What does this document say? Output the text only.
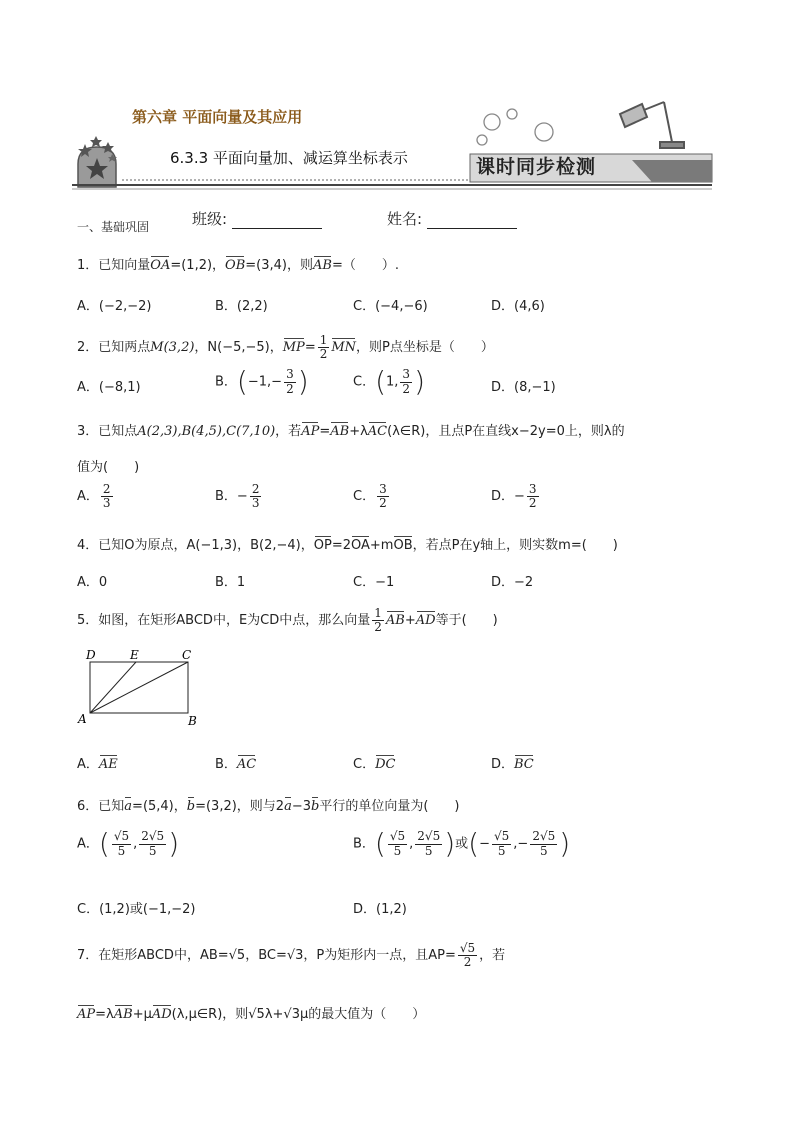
第六章 平面向量及其应用
6.3.3 平面向量加、减运算坐标表示	课时同步检测
一、基础巩固	班级:	姓名:
1．已知向量OA=(1,2)，OB=(3,4)，则AB=（　　）.
A．(−2,−2)	B．(2,2)	C．(−4,−6)	D．(4,6)
2．已知两点M(3,2)，N(−5,−5)，$MP= \frac{1}{2}$ MN，则P点坐标是（　　）
A．(−8,1)	B．($-1,- \frac{3}{2}$ )	C．(1, $\frac{3}{2}$ )	D．(8,−1)
3．已知点A(2,3),B(4,5),C(7,10)，若AP=AB+λAC(λ∈R)，且点P在直线x−2y=0上，则λ的
值为(　　)
A． $\frac{2}{3}$	B．− $\frac{2}{3}$	C． $\frac{3}{2}$	D．− $\frac{3}{2}$
4．已知O为原点，A(−1,3)，B(2,−4)，OP=2OA+mOB，若点P在y轴上，则实数m=(　　)
A．0	B．1	C．−1	D．−2
5．如图，在矩形ABCD中，E为CD中点，那么向量 $\frac{1}{2} AB+AD$等于(　　)
D	E	C
A	B
A．AE	B．AC	C．DC	D．BC
6．已知a=(5,4)，b=(3,2)，则与2a−3b平行的单位向量为(　　)
A．( $\frac{√5}{5}$ , $\frac{2√5}{5}$ )	B．( $\frac{√5}{5}$ , $\frac{2√5}{5}$ )或(− $\frac{√5}{5}$ ,− $\frac{2√5}{5}$ )
C．(1,2)或(−1,−2)	D．(1,2)
7．在矩形ABCD中，AB=√5，BC=√3，P为矩形内一点，且$AP= \frac{√5}{2}$ ，若
AP=λAB+μAD(λ,μ∈R)，则√5λ+√3μ的最大值为（　　）
